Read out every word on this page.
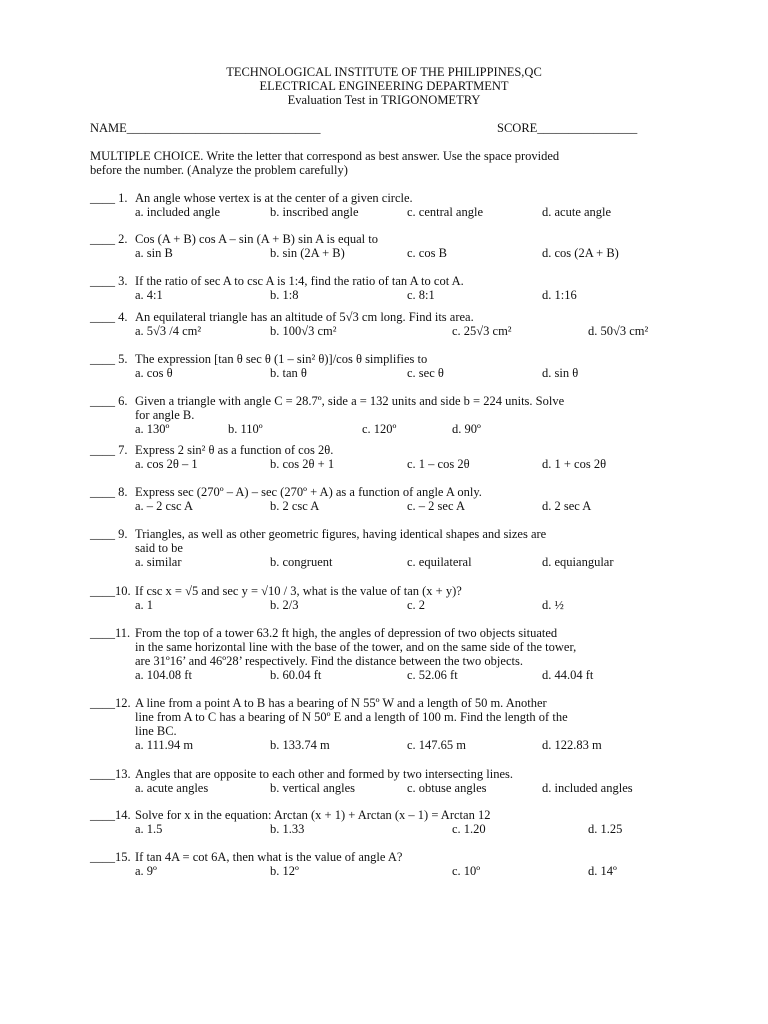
TECHNOLOGICAL INSTITUTE OF THE PHILIPPINES,QC
ELECTRICAL ENGINEERING DEPARTMENT
Evaluation Test in TRIGONOMETRY
NAME_______________________________	SCORE________________
MULTIPLE CHOICE. Write the letter that correspond as best answer. Use the space provided
before the number. (Analyze the problem carefully)
____ 1. An angle whose vertex is at the center of a given circle.
a. included angle	b. inscribed angle	c. central angle	d. acute angle
____ 2. Cos (A + B) cos A – sin (A + B) sin A is equal to
a. sin B	b. sin (2A + B)	c. cos B	d. cos (2A + B)
____ 3. If the ratio of sec A to csc A is 1:4, find the ratio of tan A to cot A.
a. 4:1	b. 1:8	c. 8:1	d. 1:16
____ 4. An equilateral triangle has an altitude of 5√3 cm long. Find its area.
a. 5√3 /4 cm²	b. 100√3 cm²	c. 25√3 cm²	d. 50√3 cm²
____ 5. The expression [tan θ sec θ (1 – sin² θ)]/cos θ simplifies to
a. cos θ	b. tan θ	c. sec θ	d. sin θ
____ 6. Given a triangle with angle C = 28.7º, side a = 132 units and side b = 224 units. Solve
for angle B.
a. 130º	b. 110º	c. 120º	d. 90º
____ 7. Express 2 sin² θ as a function of cos 2θ.
a. cos 2θ – 1	b. cos 2θ + 1	c. 1 – cos 2θ	d. 1 + cos 2θ
____ 8. Express sec (270º – A) – sec (270º + A) as a function of angle A only.
a. – 2 csc A	b. 2 csc A	c. – 2 sec A	d. 2 sec A
____ 9. Triangles, as well as other geometric figures, having identical shapes and sizes are
said to be
a. similar	b. congruent	c. equilateral	d. equiangular
____10. If csc x = √5 and sec y = √10 / 3, what is the value of tan (x + y)?
a. 1	b. 2/3	c. 2	d. ½
____11. From the top of a tower 63.2 ft high, the angles of depression of two objects situated
in the same horizontal line with the base of the tower, and on the same side of the tower,
are 31º16’ and 46º28’ respectively. Find the distance between the two objects.
a. 104.08 ft	b. 60.04 ft	c. 52.06 ft	d. 44.04 ft
____12. A line from a point A to B has a bearing of N 55º W and a length of 50 m. Another
line from A to C has a bearing of N 50º E and a length of 100 m. Find the length of the
line BC.
a. 111.94 m	b. 133.74 m	c. 147.65 m	d. 122.83 m
____13. Angles that are opposite to each other and formed by two intersecting lines.
a. acute angles	b. vertical angles	c. obtuse angles	d. included angles
____14. Solve for x in the equation: Arctan (x + 1) + Arctan (x – 1) = Arctan 12
a. 1.5	b. 1.33	c. 1.20	d. 1.25
____15. If tan 4A = cot 6A, then what is the value of angle A?
a. 9º	b. 12º	c. 10º	d. 14º
